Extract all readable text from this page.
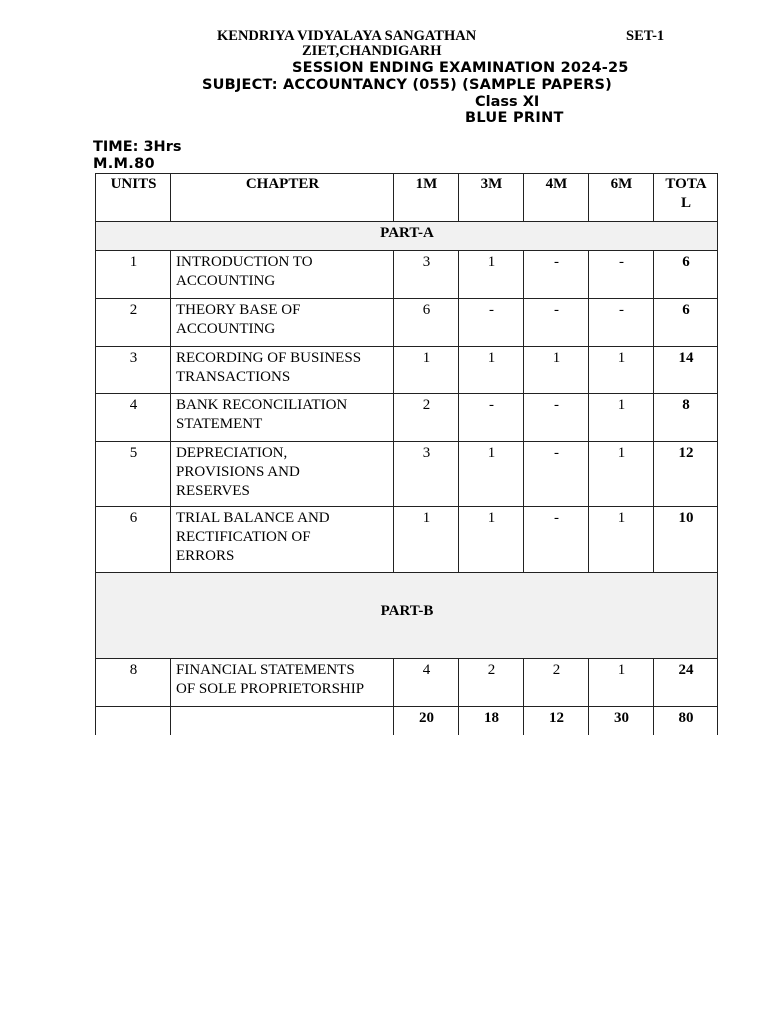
KENDRIYA VIDYALAYA SANGATHAN	SET-1
ZIET,CHANDIGARH
SESSION ENDING EXAMINATION 2024-25
SUBJECT: ACCOUNTANCY (055) (SAMPLE PAPERS)
Class XI
BLUE PRINT
TIME: 3Hrs
M.M.80
UNITS	CHAPTER	1M	3M	4M	6M	TOTA
L
PART-A						
1	INTRODUCTION TO
ACCOUNTING	3	1	-	-	6
2	THEORY BASE OF
ACCOUNTING	6	-	-	-	6
3	RECORDING OF BUSINESS
TRANSACTIONS	1	1	1	1	14
4	BANK RECONCILIATION
STATEMENT	2	-	-	1	8
5	DEPRECIATION,
PROVISIONS AND
RESERVES	3	1	-	1	12
6	TRIAL BALANCE AND
RECTIFICATION OF
ERRORS	1	1	-	1	10
PART-B						
8	FINANCIAL STATEMENTS
OF SOLE PROPRIETORSHIP	4	2	2	1	24
		20	18	12	30	80
